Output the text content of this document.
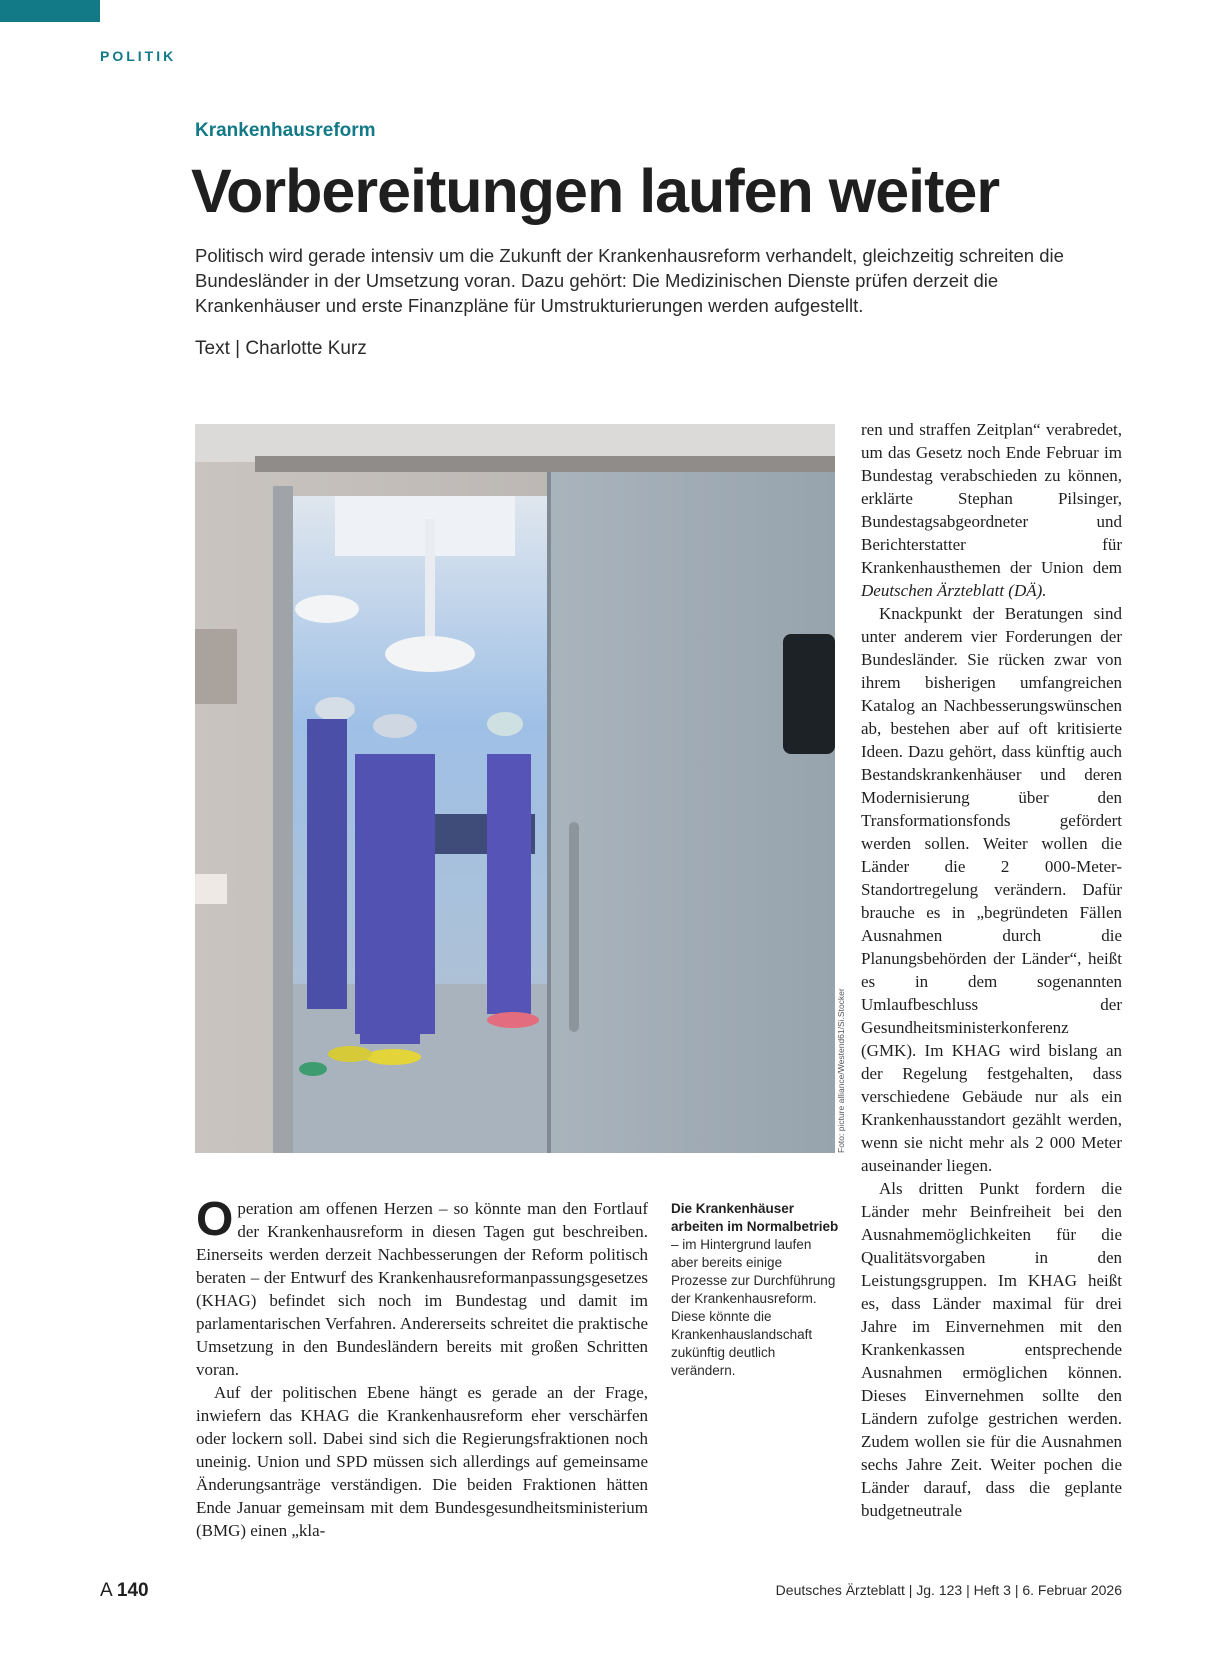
POLITIK
Krankenhausreform
Vorbereitungen laufen weiter
Politisch wird gerade intensiv um die Zukunft der Krankenhausreform verhandelt, gleichzeitig schreiten die Bundesländer in der Umsetzung voran. Dazu gehört: Die Medizinischen Dienste prüfen derzeit die Krankenhäuser und erste Finanzpläne für Umstrukturierungen werden aufgestellt.
Text | Charlotte Kurz
Foto: picture alliance/Westend61/Si.Stocker

Operation am offenen Herzen – so könnte man den Fortlauf der Krankenhausreform in diesen Tagen gut beschreiben. Einerseits werden derzeit Nachbesserungen der Reform politisch beraten – der Entwurf des Krankenhausreformanpassungsgesetzes (KHAG) befindet sich noch im Bundestag und damit im parlamentarischen Verfahren. Andererseits schreitet die praktische Umsetzung in den Bundesländern bereits mit großen Schritten voran.

Auf der politischen Ebene hängt es gerade an der Frage, inwiefern das KHAG die Krankenhausreform eher verschärfen oder lockern soll. Dabei sind sich die Regierungsfraktionen noch uneinig. Union und SPD müssen sich allerdings auf gemeinsame Änderungsanträge verständigen. Die beiden Fraktionen hätten Ende Januar gemeinsam mit dem Bundesgesundheitsministerium (BMG) einen „kla-

Die Krankenhäuser arbeiten im Normalbetrieb – im Hintergrund laufen aber bereits einige Prozesse zur Durchführung der Krankenhausreform. Diese könnte die Krankenhauslandschaft zukünftig deutlich verändern.

ren und straffen Zeitplan“ verabredet, um das Gesetz noch Ende Februar im Bundestag verabschieden zu können, erklärte Stephan Pilsinger, Bundestagsabgeordneter und Berichterstatter für Krankenhausthemen der Union dem Deutschen Ärzteblatt (DÄ).

Knackpunkt der Beratungen sind unter anderem vier Forderungen der Bundesländer. Sie rücken zwar von ihrem bisherigen umfangreichen Katalog an Nachbesserungswünschen ab, bestehen aber auf oft kritisierte Ideen. Dazu gehört, dass künftig auch Bestandskrankenhäuser und deren Modernisierung über den Transformationsfonds gefördert werden sollen. Weiter wollen die Länder die 2 000-Meter-Standortregelung verändern. Dafür brauche es in „begründeten Fällen Ausnahmen durch die Planungsbehörden der Länder“, heißt es in dem sogenannten Umlaufbeschluss der Gesundheitsministerkonferenz (GMK). Im KHAG wird bislang an der Regelung festgehalten, dass verschiedene Gebäude nur als ein Krankenhausstandort gezählt werden, wenn sie nicht mehr als 2 000 Meter auseinander liegen.

Als dritten Punkt fordern die Länder mehr Beinfreiheit bei den Ausnahmemöglichkeiten für die Qualitätsvorgaben in den Leistungsgruppen. Im KHAG heißt es, dass Länder maximal für drei Jahre im Einvernehmen mit den Krankenkassen entsprechende Ausnahmen ermöglichen können. Dieses Einvernehmen sollte den Ländern zufolge gestrichen werden. Zudem wollen sie für die Ausnahmen sechs Jahre Zeit. Weiter pochen die Länder darauf, dass die geplante budgetneutrale

A 140	Deutsches Ärzteblatt | Jg. 123 | Heft 3 | 6. Februar 2026
